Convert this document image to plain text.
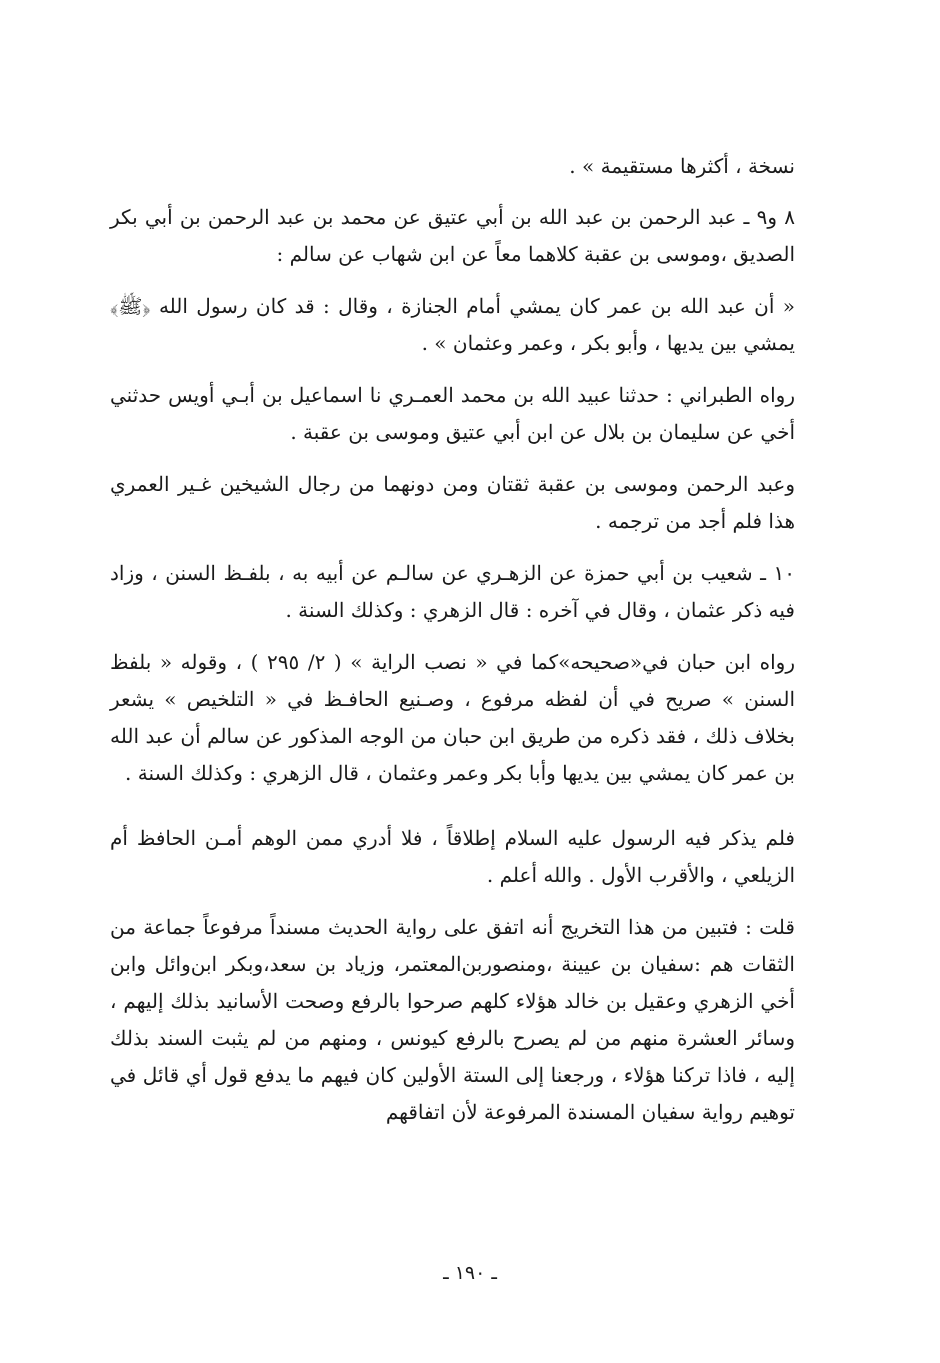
نسخة ، أكثرها مستقيمة » .

٨ و٩ ـ عبد الرحمن بن عبد الله بن أبي عتيق عن محمد بن عبد الرحمن بن أبي بكر الصديق ،وموسى بن عقبة كلاهما معاً عن ابن شهاب عن سالم :

« أن عبد الله بن عمر كان يمشي أمام الجنازة ، وقال : قد كان رسول الله ﴿ﷺ﴾ يمشي بين يديها ، وأبو بكر ، وعمر وعثمان » .

رواه الطبراني : حدثنا عبيد الله بن محمد العمـري نا اسماعيل بن أبـي أويس حدثني أخي عن سليمان بن بلال عن ابن أبي عتيق وموسى بن عقبة .

وعبد الرحمن وموسى بن عقبة ثقتان ومن دونهما من رجال الشيخين غـير العمري هذا فلم أجد من ترجمه .

١٠ ـ شعيب بن أبي حمزة عن الزهـري عن سالـم عن أبيه به ، بلفـظ السنن ، وزاد فيه ذكر عثمان ، وقال في آخره : قال الزهري : وكذلك السنة .

رواه ابن حبان في«صحيحه»كما في « نصب الراية » ( ٢/ ٢٩٥ ) ، وقوله « بلفظ السنن » صريح في أن لفظه مرفوع ، وصـنيع الحافـظ في « التلخيص » يشعر بخلاف ذلك ، فقد ذكره من طريق ابن حبان من الوجه المذكور عن سالم أن عبد الله بن عمر كان يمشي بين يديها وأبا بكر وعمر وعثمان ، قال الزهري : وكذلك السنة .

فلم يذكر فيه الرسول عليه السلام إطلاقاً ، فلا أدري ممن الوهم أمـن الحافظ أم الزيلعي ، والأقرب الأول . والله أعلم .

قلت : فتبين من هذا التخريج أنه اتفق على رواية الحديث مسنداً مرفوعاً جماعة من الثقات هم :سفيان بن عيينة ،ومنصوربن‌المعتمر، وزياد بن سعد،وبكر ابن‌وائل وابن أخي الزهري وعقيل بن خالد هؤلاء كلهم صرحوا بالرفع وصحت الأسانيد بذلك إليهم ، وسائر العشرة منهم من لم يصرح بالرفع كيونس ، ومنهم من لم يثبت السند بذلك إليه ، فاذا تركنا هؤلاء ، ورجعنا إلى الستة الأولين كان فيهم ما يدفع قول أي قائل في توهيم رواية سفيان المسندة المرفوعة لأن اتفاقهم

ـ ١٩٠ ـ
